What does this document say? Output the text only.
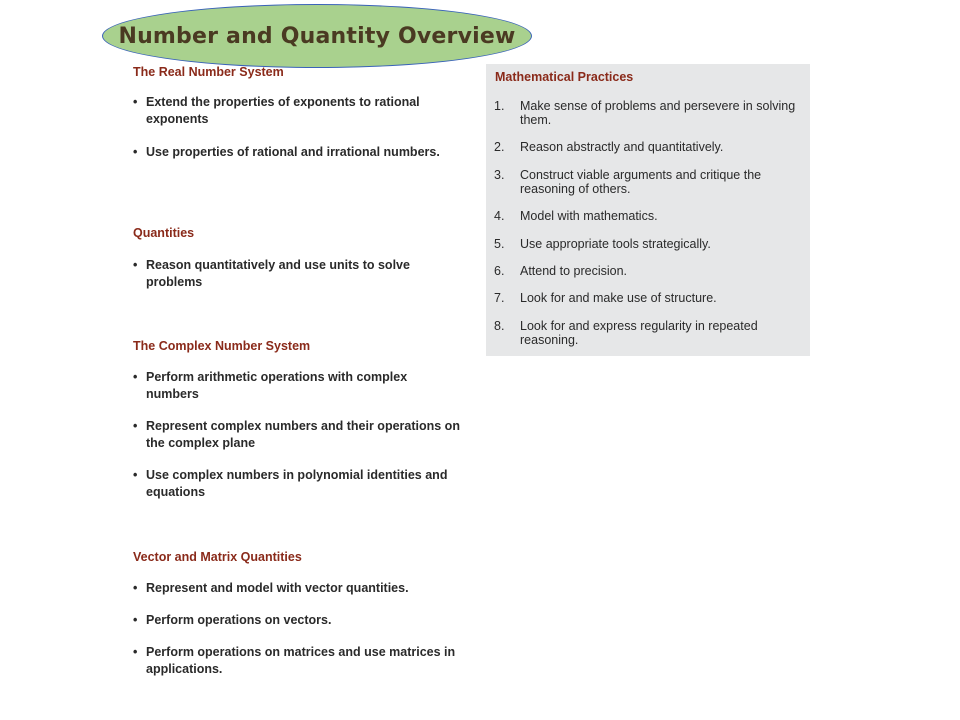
Number and Quantity Overview
The Real Number System
• Extend the properties of exponents to rational exponents
• Use properties of rational and irrational numbers.
Quantities
• Reason quantitatively and use units to solve problems
The Complex Number System
• Perform arithmetic operations with complex numbers
• Represent complex numbers and their operations on the complex plane
• Use complex numbers in polynomial identities and equations
Vector and Matrix Quantities
• Represent and model with vector quantities.
• Perform operations on vectors.
• Perform operations on matrices and use matrices in applications.
Mathematical Practices
1.	Make sense of problems and persevere in solving them.
2.	Reason abstractly and quantitatively.
3.	Construct viable arguments and critique the reasoning of others.
4.	Model with mathematics.
5.	Use appropriate tools strategically.
6.	Attend to precision.
7.	Look for and make use of structure.
8.	Look for and express regularity in repeated reasoning.
